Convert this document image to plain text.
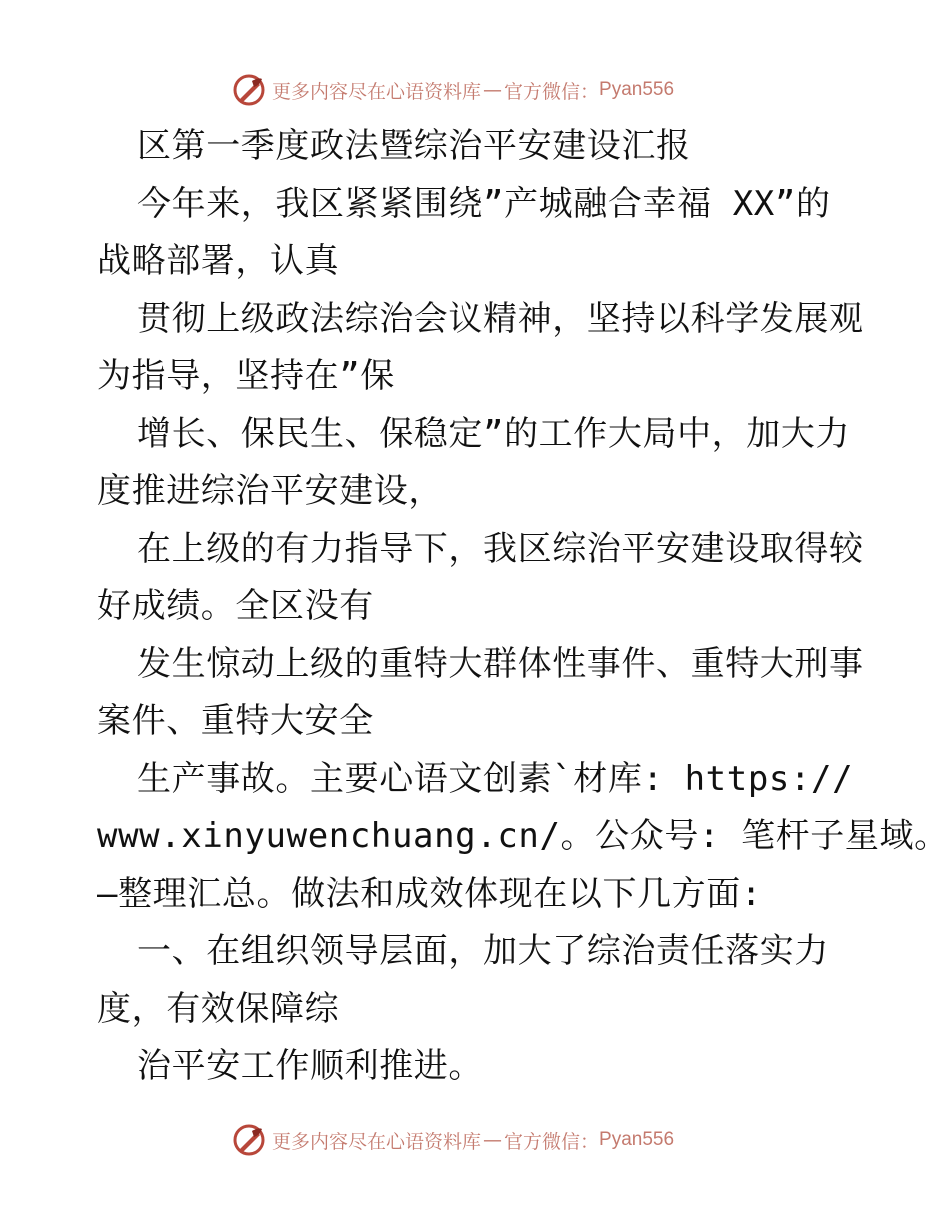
更多内容尽在心语资料库 — 官方微信： Pyan556
区第一季度政法暨综治平安建设汇报
今年来，我区紧紧围绕”产城融合幸福 XX”的
战略部署，认真
贯彻上级政法综治会议精神，坚持以科学发展观
为指导，坚持在”保
增长、保民生、保稳定”的工作大局中，加大力
度推进综治平安建设，
在上级的有力指导下，我区综治平安建设取得较
好成绩。全区没有
发生惊动上级的重特大群体性事件、重特大刑事
案件、重特大安全
生产事故。主要心语文创素`材库: https://
www.xinyuwenchuang.cn/。公众号: 笔杆子星域。
—整理汇总。做法和成效体现在以下几方面:
一、在组织领导层面，加大了综治责任落实力
度，有效保障综
治平安工作顺利推进。
更多内容尽在心语资料库 — 官方微信： Pyan556
